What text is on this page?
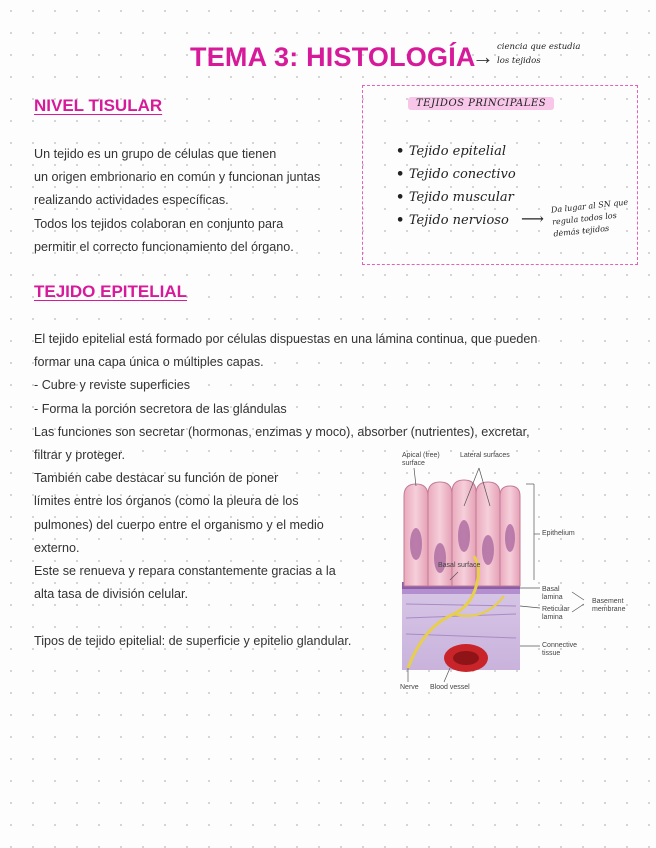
TEMA 3: HISTOLOGÍA
→ ciencia que estudia
los tejidos
NIVEL TISULAR
Un tejido es un grupo de células que tienen
un origen embrionario en común y funcionan juntas
realizando actividades específicas.
Todos los tejidos colaboran en conjunto para
permitir el correcto funcionamiento del órgano.
TEJIDOS PRINCIPALES
• Tejido epitelial
• Tejido conectivo
• Tejido muscular
• Tejido nervioso ⟶
Da lugar al SN que regula todos los demás tejidos
TEJIDO EPITELIAL
El tejido epitelial está formado por células dispuestas en una lámina continua, que pueden
formar una capa única o múltiples capas.
- Cubre y reviste superficies
- Forma la porción secretora de las glándulas
Las funciones son secretar (hormonas, enzimas y moco), absorber (nutrientes), excretar,
filtrar y proteger.
También cabe destacar su función de poner
límites entre los órganos (como la pleura de los
pulmones) del cuerpo entre el organismo y el medio
externo.
Este se renueva y repara constantemente gracias a la
alta tasa de división celular.
Tipos de tejido epitelial: de superficie y epitelio glandular.
Apical (free) surface
Lateral surfaces
Epithelium
Basal surface
Basal lamina
Reticular lamina
Basement membrane
Connective tissue
Nerve Blood vessel
